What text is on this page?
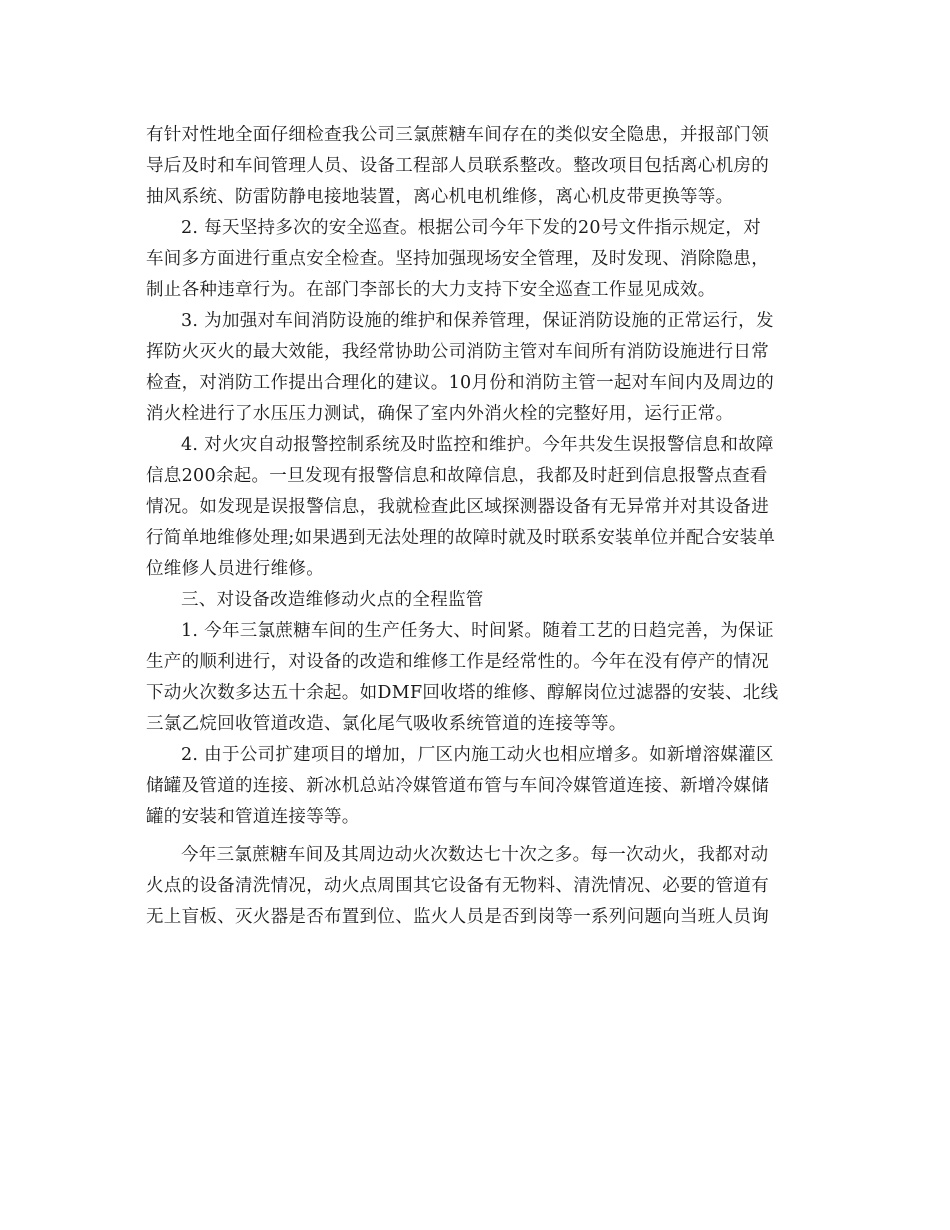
有针对性地全面仔细检查我公司三氯蔗糖车间存在的类似安全隐患，并报部门领
导后及时和车间管理人员、设备工程部人员联系整改。整改项目包括离心机房的
抽风系统、防雷防静电接地装置，离心机电机维修，离心机皮带更换等等。
2. 每天坚持多次的安全巡查。根据公司今年下发的20号文件指示规定，对
车间多方面进行重点安全检查。坚持加强现场安全管理，及时发现、消除隐患，
制止各种违章行为。在部门李部长的大力支持下安全巡查工作显见成效。
3. 为加强对车间消防设施的维护和保养管理，保证消防设施的正常运行，发
挥防火灭火的最大效能，我经常协助公司消防主管对车间所有消防设施进行日常
检查，对消防工作提出合理化的建议。10月份和消防主管一起对车间内及周边的
消火栓进行了水压压力测试，确保了室内外消火栓的完整好用，运行正常。
4. 对火灾自动报警控制系统及时监控和维护。今年共发生误报警信息和故障
信息200余起。一旦发现有报警信息和故障信息，我都及时赶到信息报警点查看
情况。如发现是误报警信息，我就检查此区域探测器设备有无异常并对其设备进
行简单地维修处理;如果遇到无法处理的故障时就及时联系安装单位并配合安装单
位维修人员进行维修。
三、对设备改造维修动火点的全程监管
1. 今年三氯蔗糖车间的生产任务大、时间紧。随着工艺的日趋完善，为保证
生产的顺利进行，对设备的改造和维修工作是经常性的。今年在没有停产的情况
下动火次数多达五十余起。如DMF回收塔的维修、醇解岗位过滤器的安装、北线
三氯乙烷回收管道改造、氯化尾气吸收系统管道的连接等等。
2. 由于公司扩建项目的增加，厂区内施工动火也相应增多。如新增溶媒灌区
储罐及管道的连接、新冰机总站冷媒管道布管与车间冷媒管道连接、新增冷媒储
罐的安装和管道连接等等。
今年三氯蔗糖车间及其周边动火次数达七十次之多。每一次动火，我都对动
火点的设备清洗情况，动火点周围其它设备有无物料、清洗情况、必要的管道有
无上盲板、灭火器是否布置到位、监火人员是否到岗等一系列问题向当班人员询
